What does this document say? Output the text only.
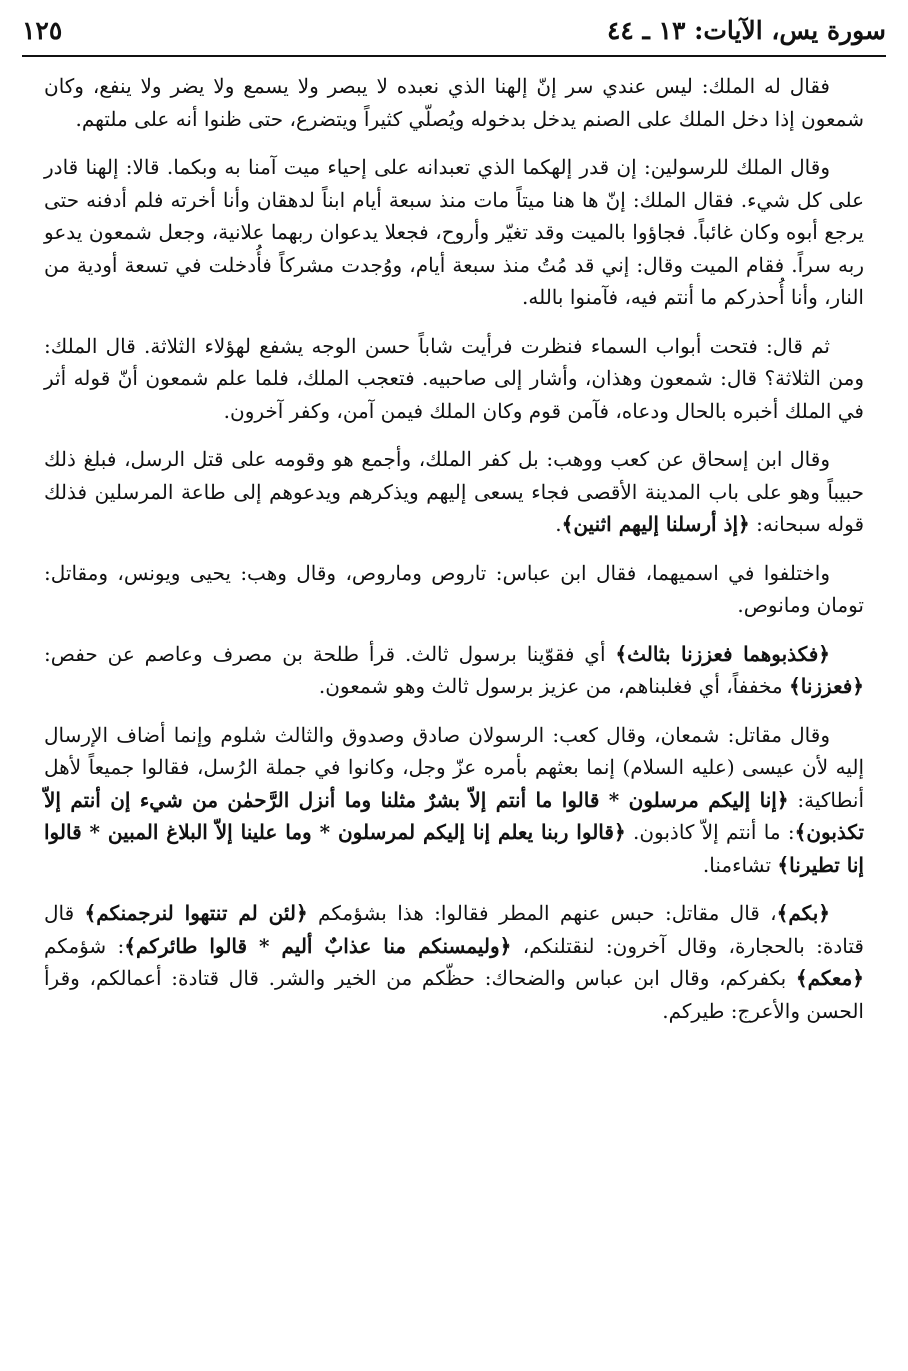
سورة يس، الآيات: ١٣ ـ ٤٤
١٢٥

فقال له الملك: ليس عندي سر إنّ إلهنا الذي نعبده لا يبصر ولا يسمع ولا يضر ولا ينفع، وكان شمعون إذا دخل الملك على الصنم يدخل بدخوله ويُصلّي كثيراً ويتضرع، حتى ظنوا أنه على ملتهم.

وقال الملك للرسولين: إن قدر إلهكما الذي تعبدانه على إحياء ميت آمنا به وبكما. قالا: إلهنا قادر على كل شيء. فقال الملك: إنّ ها هنا ميتاً مات منذ سبعة أيام ابناً لدهقان وأنا أخرته فلم أدفنه حتى يرجع أبوه وكان غائباً. فجاؤوا بالميت وقد تغيّر وأروح، فجعلا يدعوان ربهما علانية، وجعل شمعون يدعو ربه سراً. فقام الميت وقال: إني قد مُتُ منذ سبعة أيام، ووُجدت مشركاً فأُدخلت في تسعة أودية من النار، وأنا أُحذركم ما أنتم فيه، فآمنوا بالله.

ثم قال: فتحت أبواب السماء فنظرت فرأيت شاباً حسن الوجه يشفع لهؤلاء الثلاثة. قال الملك: ومن الثلاثة؟ قال: شمعون وهذان، وأشار إلى صاحبيه. فتعجب الملك، فلما علم شمعون أنّ قوله أثر في الملك أخبره بالحال ودعاه، فآمن قوم وكان الملك فيمن آمن، وكفر آخرون.

وقال ابن إسحاق عن كعب ووهب: بل كفر الملك، وأجمع هو وقومه على قتل الرسل، فبلغ ذلك حبيباً وهو على باب المدينة الأقصى فجاء يسعى إليهم ويذكرهم ويدعوهم إلى طاعة المرسلين فذلك قوله سبحانه: ﴿إذ أرسلنا إليهم اثنين﴾.

واختلفوا في اسميهما، فقال ابن عباس: تاروص وماروص، وقال وهب: يحيى ويونس، ومقاتل: تومان ومانوص.

﴿فكذبوهما فعززنا بثالث﴾ أي فقوّينا برسول ثالث. قرأ طلحة بن مصرف وعاصم عن حفص: ﴿فعززنا﴾ مخففاً، أي فغلبناهم، من عزيز برسول ثالث وهو شمعون.

وقال مقاتل: شمعان، وقال كعب: الرسولان صادق وصدوق والثالث شلوم وإنما أضاف الإرسال إليه لأن عيسى (عليه السلام) إنما بعثهم بأمره عزّ وجل، وكانوا في جملة الرُسل، فقالوا جميعاً لأهل أنطاكية: ﴿إنا إليكم مرسلون * قالوا ما أنتم إلاّ بشرٌ مثلنا وما أنزل الرَّحمٰن من شيء إن أنتم إلاّ تكذبون﴾: ما أنتم إلاّ كاذبون. ﴿قالوا ربنا يعلم إنا إليكم لمرسلون * وما علينا إلاّ البلاغ المبين * قالوا إنا تطيرنا﴾ تشاءمنا.

﴿بكم﴾، قال مقاتل: حبس عنهم المطر فقالوا: هذا بشؤمكم ﴿لئن لم تنتهوا لنرجمنكم﴾ قال قتادة: بالحجارة، وقال آخرون: لنقتلنكم، ﴿وليمسنكم منا عذابٌ أليم * قالوا طائركم﴾: شؤمكم ﴿معكم﴾ بكفركم، وقال ابن عباس والضحاك: حظّكم من الخير والشر. قال قتادة: أعمالكم، وقرأ الحسن والأعرج: طيركم.
